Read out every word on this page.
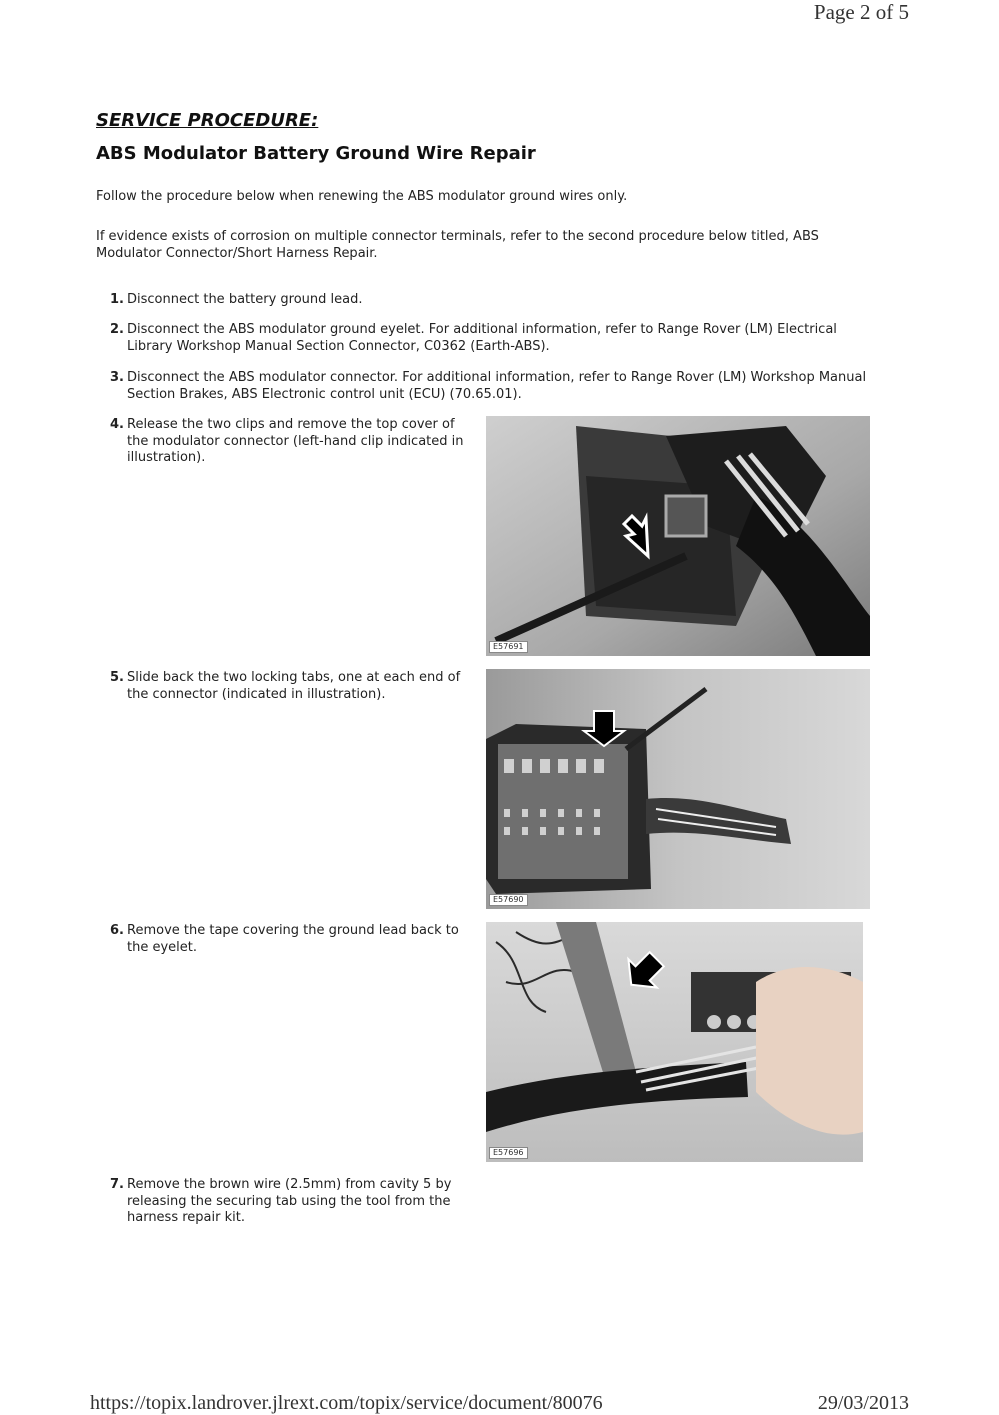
Page 2 of 5
SERVICE PROCEDURE:
ABS Modulator Battery Ground Wire Repair
Follow the procedure below when renewing the ABS modulator ground wires only.
If evidence exists of corrosion on multiple connector terminals, refer to the second procedure below titled, ABS Modulator Connector/Short Harness Repair.
1. Disconnect the battery ground lead.
2. Disconnect the ABS modulator ground eyelet. For additional information, refer to Range Rover (LM) Electrical Library Workshop Manual Section Connector, C0362 (Earth-ABS).
3. Disconnect the ABS modulator connector. For additional information, refer to Range Rover (LM) Workshop Manual Section Brakes, ABS Electronic control unit (ECU) (70.65.01).
4. Release the two clips and remove the top cover of the modulator connector (left-hand clip indicated in illustration).
5. Slide back the two locking tabs, one at each end of the connector (indicated in illustration).
6. Remove the tape covering the ground lead back to the eyelet.
7. Remove the brown wire (2.5mm) from cavity 5 by releasing the securing tab using the tool from the harness repair kit.
E57691
E57690
E57696
https://topix.landrover.jlrext.com/topix/service/document/80076	29/03/2013
